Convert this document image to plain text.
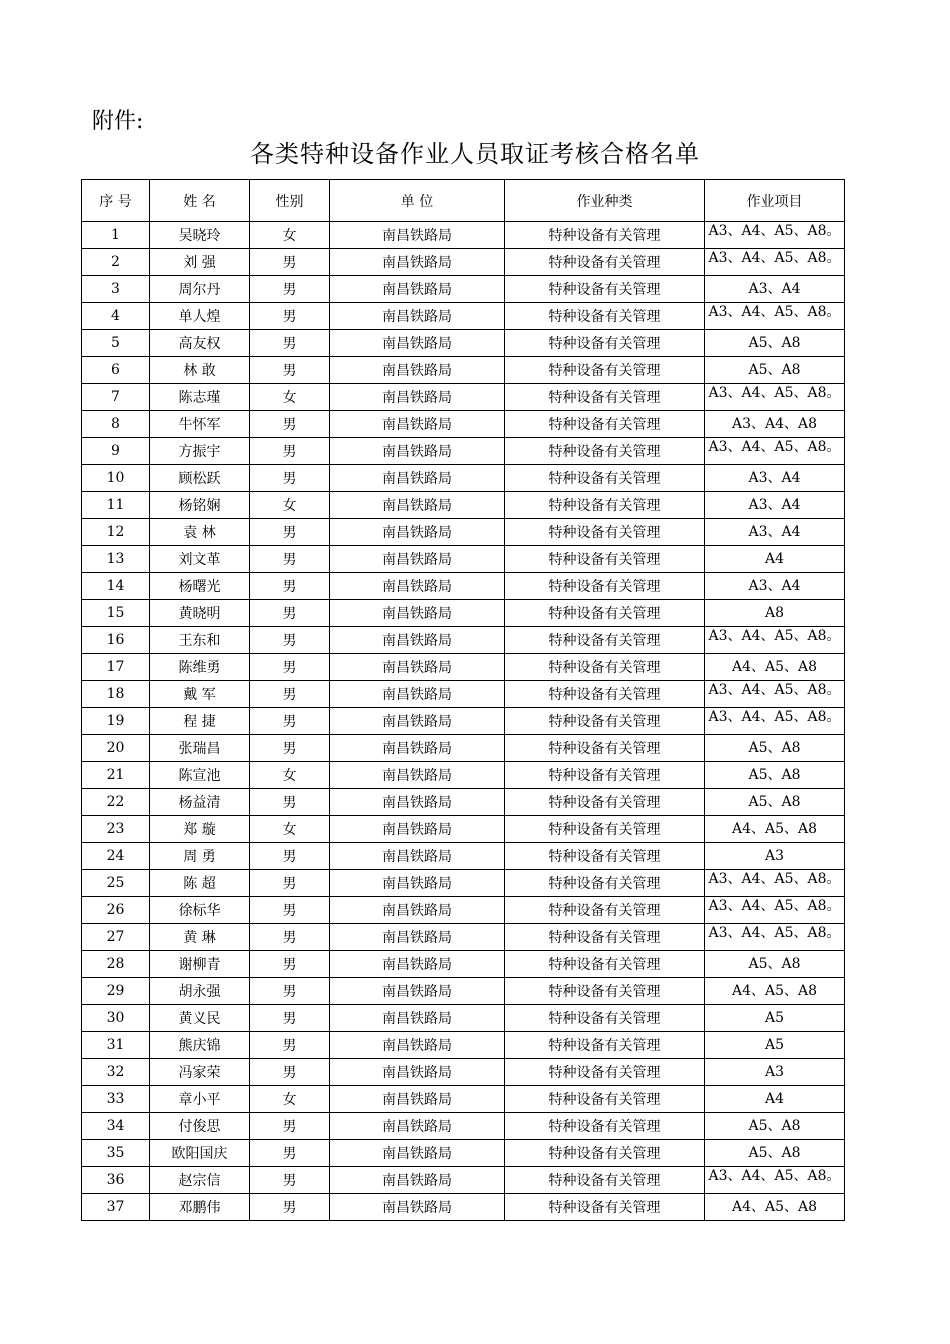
附件:
各类特种设备作业人员取证考核合格名单
序 号	姓 名	性别	单 位	作业种类	作业项目
1	吴晓玲	女	南昌铁路局	特种设备有关管理	A3、A4、A5、A8。
2	刘 强	男	南昌铁路局	特种设备有关管理	A3、A4、A5、A8。
3	周尔丹	男	南昌铁路局	特种设备有关管理	A3、A4
4	单人煌	男	南昌铁路局	特种设备有关管理	A3、A4、A5、A8。
5	高友权	男	南昌铁路局	特种设备有关管理	A5、A8
6	林 敢	男	南昌铁路局	特种设备有关管理	A5、A8
7	陈志瑾	女	南昌铁路局	特种设备有关管理	A3、A4、A5、A8。
8	牛怀军	男	南昌铁路局	特种设备有关管理	A3、A4、A8
9	方振宇	男	南昌铁路局	特种设备有关管理	A3、A4、A5、A8。
10	顾松跃	男	南昌铁路局	特种设备有关管理	A3、A4
11	杨铭娴	女	南昌铁路局	特种设备有关管理	A3、A4
12	袁 林	男	南昌铁路局	特种设备有关管理	A3、A4
13	刘文革	男	南昌铁路局	特种设备有关管理	A4
14	杨曙光	男	南昌铁路局	特种设备有关管理	A3、A4
15	黄晓明	男	南昌铁路局	特种设备有关管理	A8
16	王东和	男	南昌铁路局	特种设备有关管理	A3、A4、A5、A8。
17	陈维勇	男	南昌铁路局	特种设备有关管理	A4、A5、A8
18	戴 军	男	南昌铁路局	特种设备有关管理	A3、A4、A5、A8。
19	程 捷	男	南昌铁路局	特种设备有关管理	A3、A4、A5、A8。
20	张瑞昌	男	南昌铁路局	特种设备有关管理	A5、A8
21	陈宣池	女	南昌铁路局	特种设备有关管理	A5、A8
22	杨益清	男	南昌铁路局	特种设备有关管理	A5、A8
23	郑 璇	女	南昌铁路局	特种设备有关管理	A4、A5、A8
24	周 勇	男	南昌铁路局	特种设备有关管理	A3
25	陈 超	男	南昌铁路局	特种设备有关管理	A3、A4、A5、A8。
26	徐标华	男	南昌铁路局	特种设备有关管理	A3、A4、A5、A8。
27	黄 琳	男	南昌铁路局	特种设备有关管理	A3、A4、A5、A8。
28	谢柳青	男	南昌铁路局	特种设备有关管理	A5、A8
29	胡永强	男	南昌铁路局	特种设备有关管理	A4、A5、A8
30	黄义民	男	南昌铁路局	特种设备有关管理	A5
31	熊庆锦	男	南昌铁路局	特种设备有关管理	A5
32	冯家荣	男	南昌铁路局	特种设备有关管理	A3
33	章小平	女	南昌铁路局	特种设备有关管理	A4
34	付俊思	男	南昌铁路局	特种设备有关管理	A5、A8
35	欧阳国庆	男	南昌铁路局	特种设备有关管理	A5、A8
36	赵宗信	男	南昌铁路局	特种设备有关管理	A3、A4、A5、A8。
37	邓鹏伟	男	南昌铁路局	特种设备有关管理	A4、A5、A8
